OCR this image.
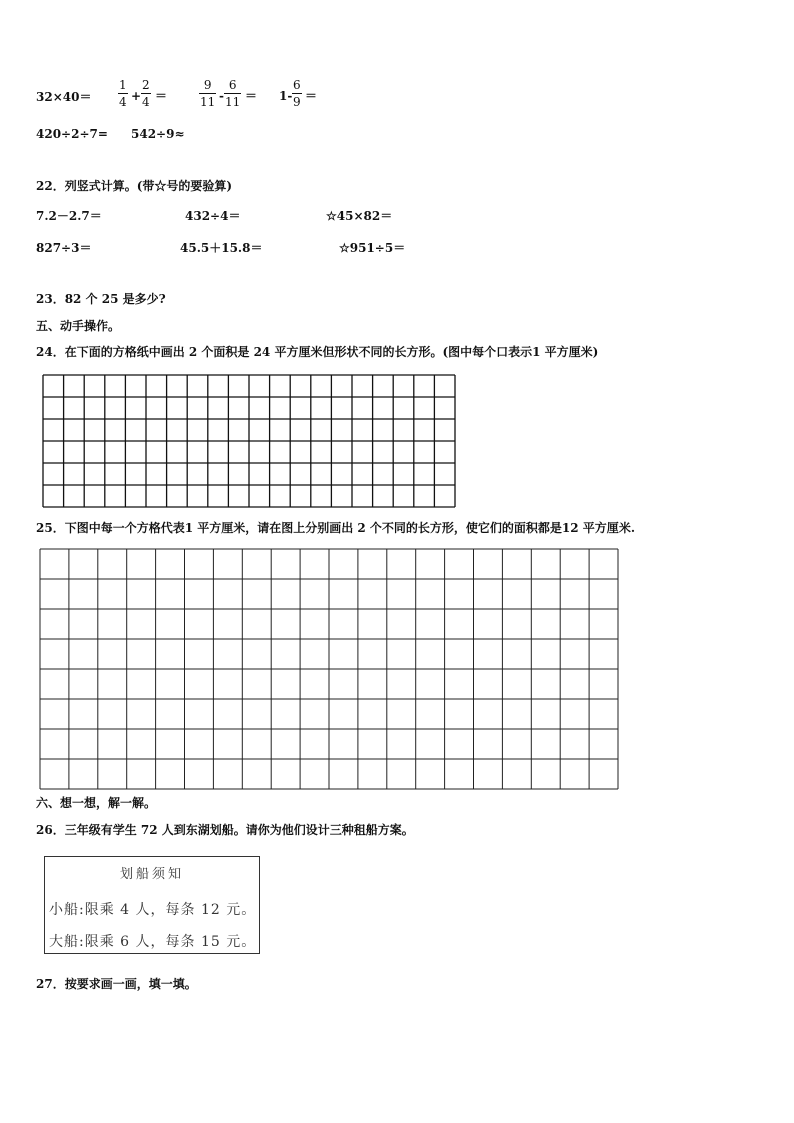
32×40＝
1
4 +
2
4 ＝
9
11 -
6
11 ＝ 1-
6
9 ＝
420÷2÷7= 542÷9≈
22．列竖式计算。(带☆号的要验算)
7.2－2.7＝	432÷4＝	☆45×82＝
827÷3＝	45.5＋15.8＝	☆951÷5＝
23．82 个 25 是多少?
五、动手操作。
24．在下面的方格纸中画出 2 个面积是 24 平方厘米但形状不同的长方形。(图中每个口表示1 平方厘米)
25．下图中每一个方格代表1 平方厘米，请在图上分别画出 2 个不同的长方形，使它们的面积都是12 平方厘米.
六、想一想，解一解。
26．三年级有学生 72 人到东湖划船。请你为他们设计三种租船方案。
划船须知
小船:限乘 4 人，每条 12 元。
大船:限乘 6 人，每条 15 元。
27．按要求画一画，填一填。
